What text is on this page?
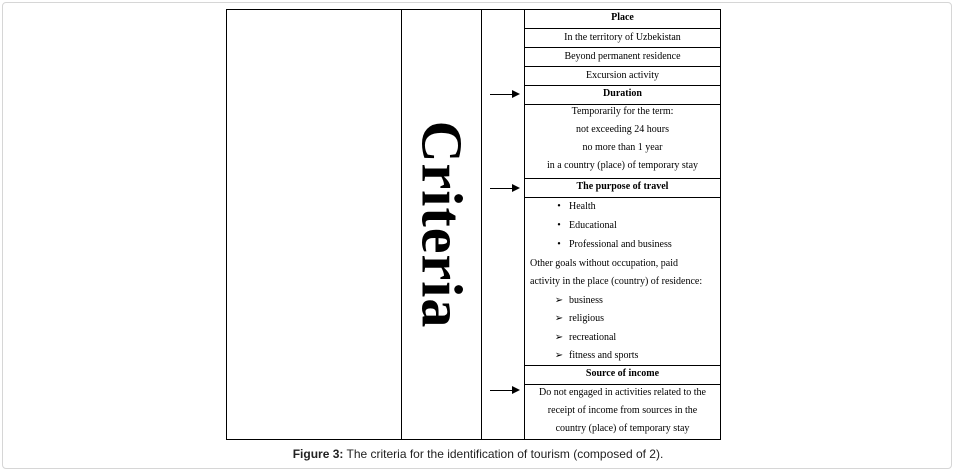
Criteria
Place
In the territory of Uzbekistan
Beyond permanent residence
Excursion activity
Duration
Temporarily for the term:
not exceeding 24 hours
no more than 1 year
in a country (place) of temporary stay
The purpose of travel
• Health
• Educational
• Professional and business
Other goals without occupation, paid
activity in the place (country) of residence:
➢ business
➢ religious
➢ recreational
➢ fitness and sports
Source of income
Do not engaged in activities related to the
receipt of income from sources in the
country (place) of temporary stay
Figure 3: The criteria for the identification of tourism (composed of 2).
